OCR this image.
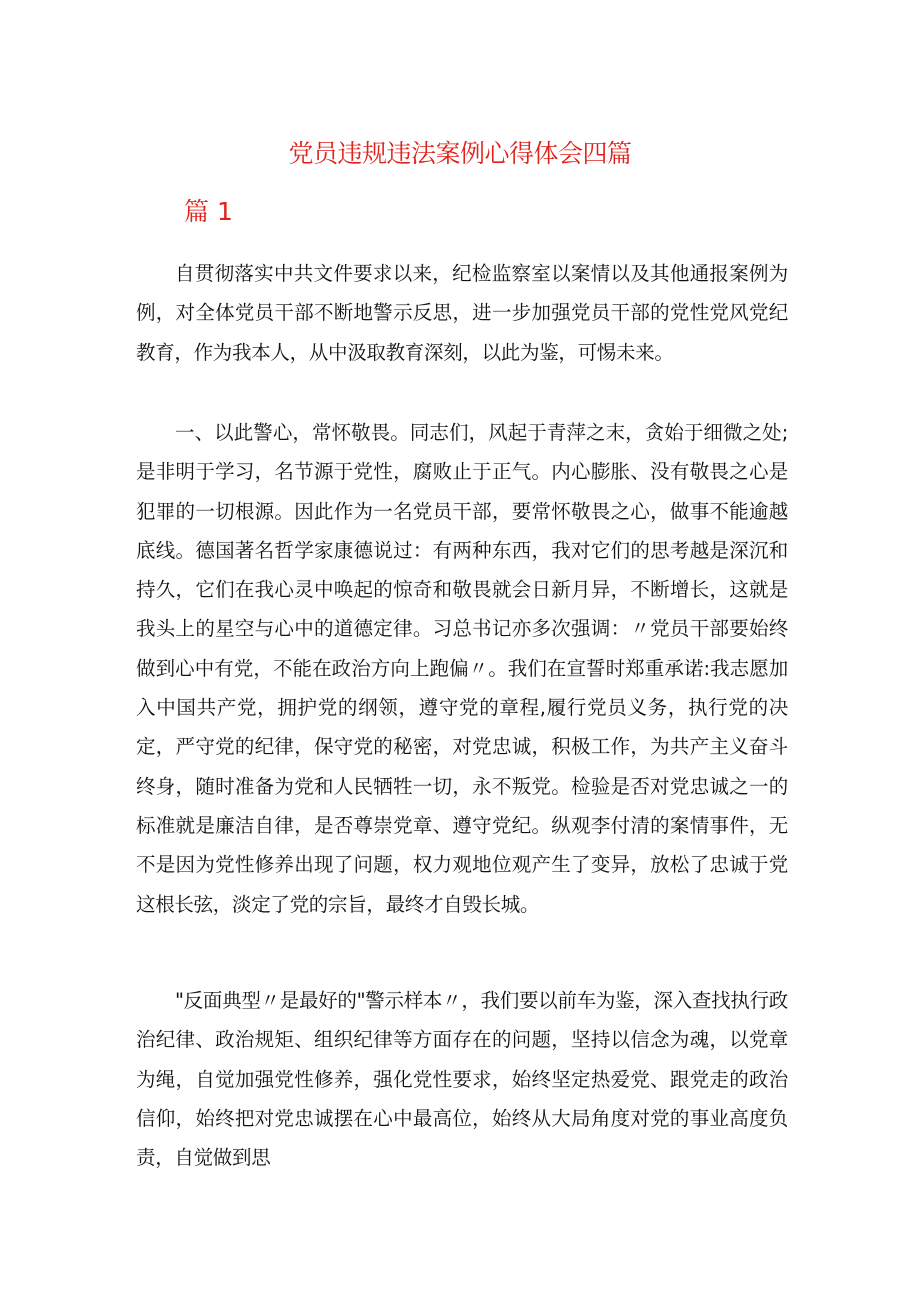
党员违规违法案例心得体会四篇
篇 1

自贯彻落实中共文件要求以来，纪检监察室以案情以及其他通报案例为例，对全体党员干部不断地警示反思，进一步加强党员干部的党性党风党纪教育，作为我本人，从中汲取教育深刻，以此为鉴，可惕未来。

一、以此警心，常怀敬畏。同志们，风起于青萍之末，贪始于细微之处;是非明于学习，名节源于党性，腐败止于正气。内心膨胀、没有敬畏之心是犯罪的一切根源。因此作为一名党员干部，要常怀敬畏之心，做事不能逾越底线。德国著名哲学家康德说过：有两种东西，我对它们的思考越是深沉和持久，它们在我心灵中唤起的惊奇和敬畏就会日新月异，不断增长，这就是我头上的星空与心中的道德定律。习总书记亦多次强调：〃党员干部要始终做到心中有党，不能在政治方向上跑偏〃。我们在宣誓时郑重承诺:我志愿加入中国共产党，拥护党的纲领，遵守党的章程,履行党员义务，执行党的决定，严守党的纪律，保守党的秘密，对党忠诚，积极工作，为共产主义奋斗终身，随时准备为党和人民牺牲一切，永不叛党。检验是否对党忠诚之一的标准就是廉洁自律，是否尊崇党章、遵守党纪。纵观李付清的案情事件，无不是因为党性修养出现了问题，权力观地位观产生了变异，放松了忠诚于党这根长弦，淡定了党的宗旨，最终才自毁长城。

"反面典型〃是最好的"警示样本〃，我们要以前车为鉴，深入查找执行政治纪律、政治规矩、组织纪律等方面存在的问题，坚持以信念为魂，以党章为绳，自觉加强党性修养，强化党性要求，始终坚定热爱党、跟党走的政治信仰，始终把对党忠诚摆在心中最高位，始终从大局角度对党的事业高度负责，自觉做到思
